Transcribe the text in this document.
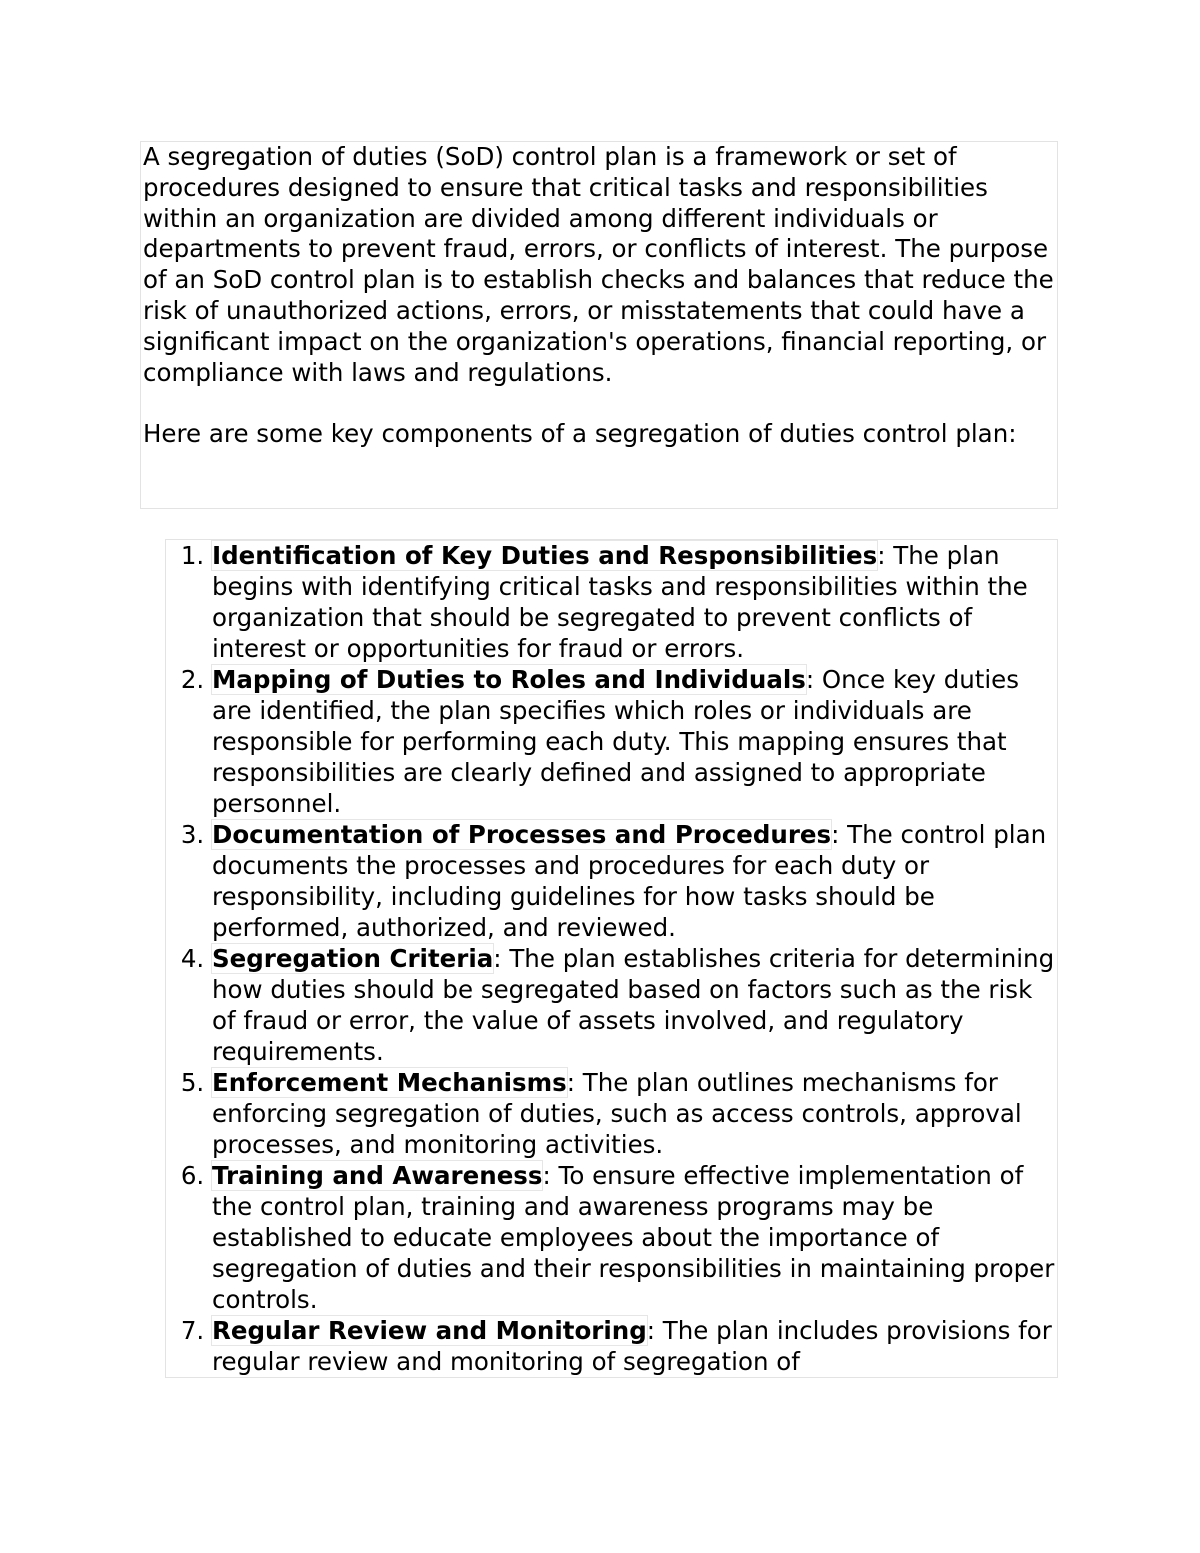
A segregation of duties (SoD) control plan is a framework or set of procedures designed to ensure that critical tasks and responsibilities within an organization are divided among different individuals or departments to prevent fraud, errors, or conflicts of interest. The purpose of an SoD control plan is to establish checks and balances that reduce the risk of unauthorized actions, errors, or misstatements that could have a significant impact on the organization's operations, financial reporting, or compliance with laws and regulations.

Here are some key components of a segregation of duties control plan:

1. Identification of Key Duties and Responsibilities: The plan begins with identifying critical tasks and responsibilities within the organization that should be segregated to prevent conflicts of interest or opportunities for fraud or errors.
2. Mapping of Duties to Roles and Individuals: Once key duties are identified, the plan specifies which roles or individuals are responsible for performing each duty. This mapping ensures that responsibilities are clearly defined and assigned to appropriate personnel.
3. Documentation of Processes and Procedures: The control plan documents the processes and procedures for each duty or responsibility, including guidelines for how tasks should be performed, authorized, and reviewed.
4. Segregation Criteria: The plan establishes criteria for determining how duties should be segregated based on factors such as the risk of fraud or error, the value of assets involved, and regulatory requirements.
5. Enforcement Mechanisms: The plan outlines mechanisms for enforcing segregation of duties, such as access controls, approval processes, and monitoring activities.
6. Training and Awareness: To ensure effective implementation of the control plan, training and awareness programs may be established to educate employees about the importance of segregation of duties and their responsibilities in maintaining proper controls.
7. Regular Review and Monitoring: The plan includes provisions for regular review and monitoring of segregation of
